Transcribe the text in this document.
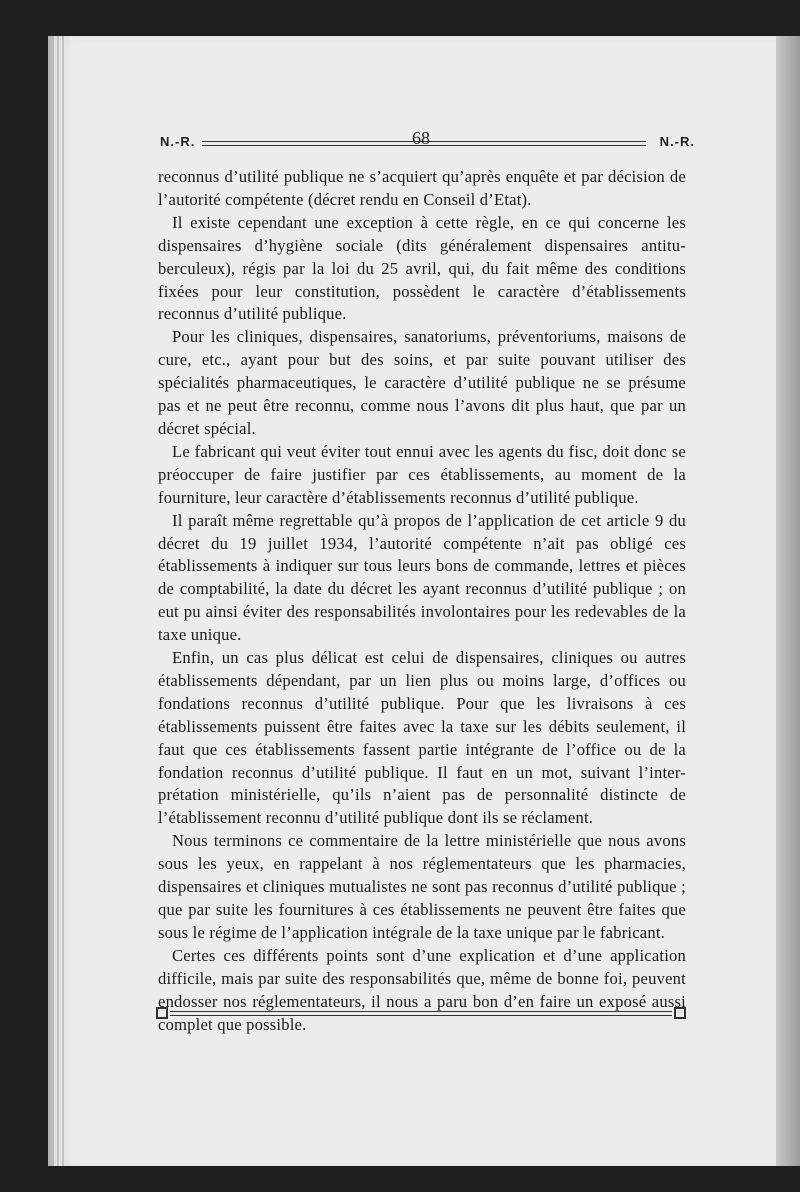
N.-R.	68	N.-R.

reconnus d’utilité publique ne s’acquiert qu’après enquête et par décision de l’autorité compétente (décret rendu en Conseil d’Etat).

Il existe cependant une exception à cette règle, en ce qui concerne les dispensaires d’hygiène sociale (dits généralement dispensaires antitu-berculeux), régis par la loi du 25 avril, qui, du fait même des conditions fixées pour leur constitution, possèdent le caractère d’établissements reconnus d’utilité publique.

Pour les cliniques, dispensaires, sanatoriums, préventoriums, maisons de cure, etc., ayant pour but des soins, et par suite pouvant utiliser des spécialités pharmaceutiques, le caractère d’utilité publique ne se présume pas et ne peut être reconnu, comme nous l’avons dit plus haut, que par un décret spécial.

Le fabricant qui veut éviter tout ennui avec les agents du fisc, doit donc se préoccuper de faire justifier par ces établissements, au moment de la fourniture, leur caractère d’établissements reconnus d’utilité publique.

Il paraît même regrettable qu’à propos de l’application de cet article 9 du décret du 19 juillet 1934, l’autorité compétente n’ait pas obligé ces établissements à indiquer sur tous leurs bons de commande, lettres et pièces de comptabilité, la date du décret les ayant reconnus d’utilité publique ; on eut pu ainsi éviter des responsabilités involontaires pour les redevables de la taxe unique.

Enfin, un cas plus délicat est celui de dispensaires, cliniques ou autres établissements dépendant, par un lien plus ou moins large, d’offices ou fondations reconnus d’utilité publique. Pour que les livraisons à ces établissements puissent être faites avec la taxe sur les débits seulement, il faut que ces établissements fassent partie intégrante de l’office ou de la fondation reconnus d’utilité publique. Il faut en un mot, suivant l’inter-prétation ministérielle, qu’ils n’aient pas de personnalité distincte de l’établissement reconnu d’utilité publique dont ils se réclament.

Nous terminons ce commentaire de la lettre ministérielle que nous avons sous les yeux, en rappelant à nos réglementateurs que les pharmacies, dispensaires et cliniques mutualistes ne sont pas reconnus d’utilité publique ; que par suite les fournitures à ces établissements ne peuvent être faites que sous le régime de l’application intégrale de la taxe unique par le fabricant.

Certes ces différents points sont d’une explication et d’une application difficile, mais par suite des responsabilités que, même de bonne foi, peuvent endosser nos réglementateurs, il nous a paru bon d’en faire un exposé aussi complet que possible.
